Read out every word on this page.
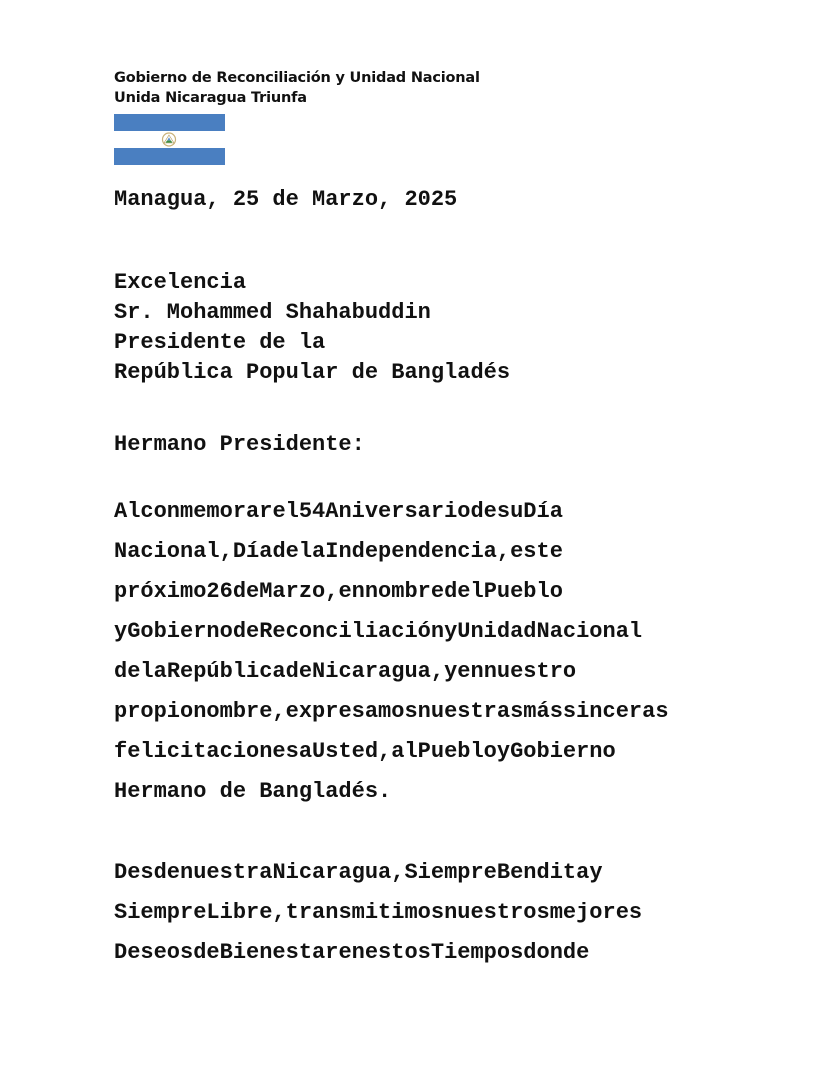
Gobierno de Reconciliación y Unidad Nacional
Unida Nicaragua Triunfa
Managua, 25 de Marzo, 2025
Excelencia
Sr. Mohammed Shahabuddin
Presidente de la
República Popular de Bangladés
Hermano Presidente:
Alconmemorarel54AniversariodesuDía
Nacional,DíadelaIndependencia,este
próximo26deMarzo,ennombredelPueblo
yGobiernodeReconciliaciónyUnidadNacional
delaRepúblicadeNicaragua,yennuestro
propionombre,expresamosnuestrasmássinceras
felicitacionesaUsted,alPuebloyGobierno
Hermano de Bangladés.
DesdenuestraNicaragua,SiempreBenditay
SiempreLibre,transmitimosnuestrosmejores
DeseosdeBienestarenestosTiemposdonde
